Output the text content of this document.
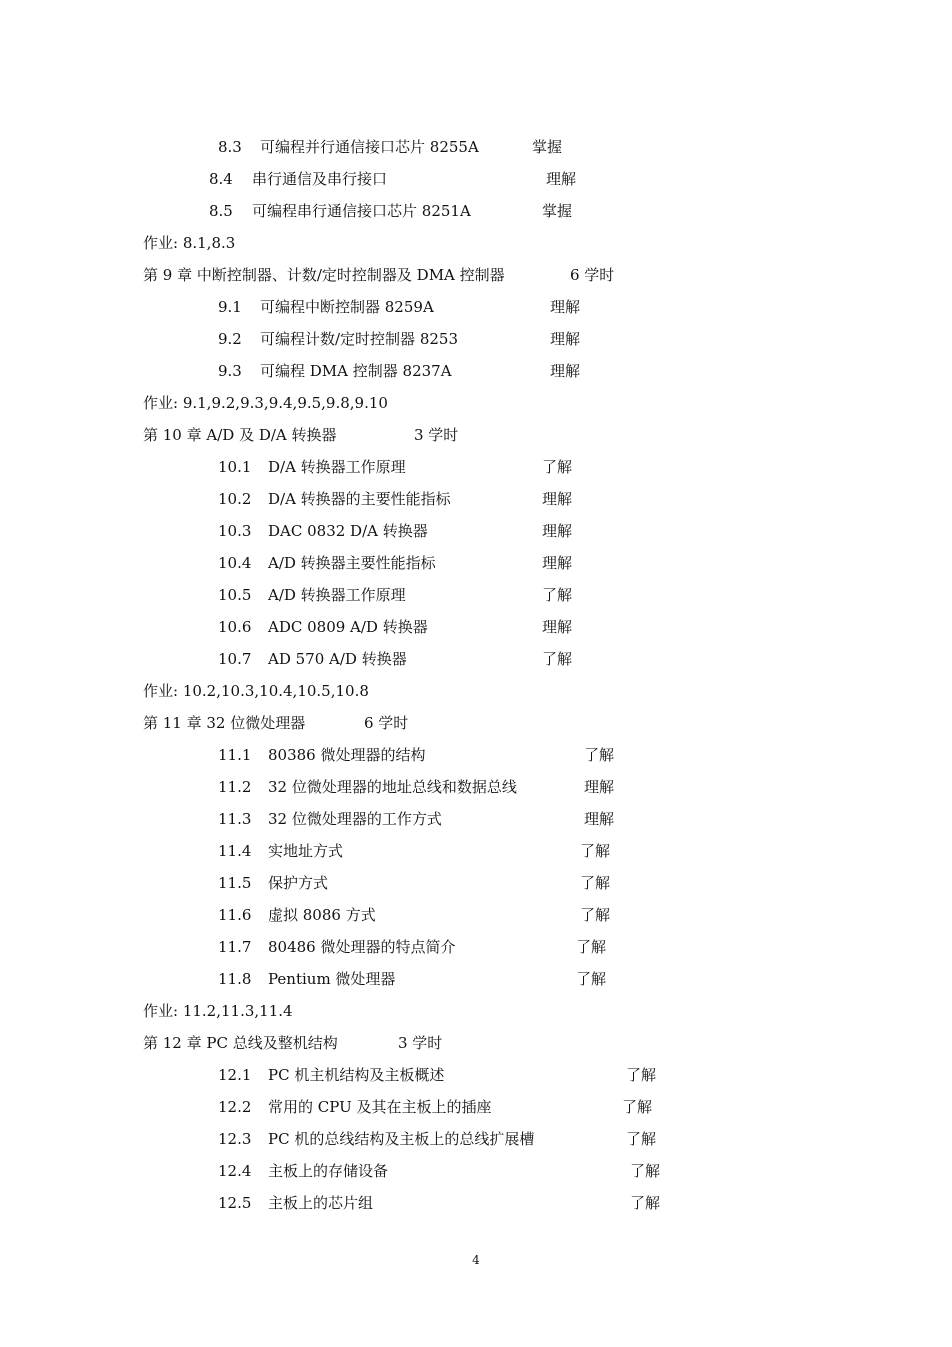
8.3 可编程并行通信接口芯片 8255A	掌握
8.4 串行通信及串行接口	理解
8.5 可编程串行通信接口芯片 8251A	掌握
作业: 8.1,8.3
第 9 章 中断控制器、计数/定时控制器及 DMA 控制器	6 学时
9.1 可编程中断控制器 8259A	理解
9.2 可编程计数/定时控制器 8253	理解
9.3 可编程 DMA 控制器 8237A	理解
作业: 9.1,9.2,9.3,9.4,9.5,9.8,9.10
第 10 章 A/D 及 D/A 转换器	3 学时
10.1 D/A 转换器工作原理	了解
10.2 D/A 转换器的主要性能指标	理解
10.3 DAC 0832 D/A 转换器	理解
10.4 A/D 转换器主要性能指标	理解
10.5 A/D 转换器工作原理	了解
10.6 ADC 0809 A/D 转换器	理解
10.7 AD 570 A/D 转换器	了解
作业: 10.2,10.3,10.4,10.5,10.8
第 11 章 32 位微处理器	6 学时
11.1 80386 微处理器的结构	了解
11.2 32 位微处理器的地址总线和数据总线	理解
11.3 32 位微处理器的工作方式	理解
11.4 实地址方式	了解
11.5 保护方式	了解
11.6 虚拟 8086 方式	了解
11.7 80486 微处理器的特点简介	了解
11.8 Pentium 微处理器	了解
作业: 11.2,11.3,11.4
第 12 章 PC 总线及整机结构	3 学时
12.1 PC 机主机结构及主板概述	了解
12.2 常用的 CPU 及其在主板上的插座	了解
12.3 PC 机的总线结构及主板上的总线扩展槽	了解
12.4 主板上的存储设备	了解
12.5 主板上的芯片组	了解
4
